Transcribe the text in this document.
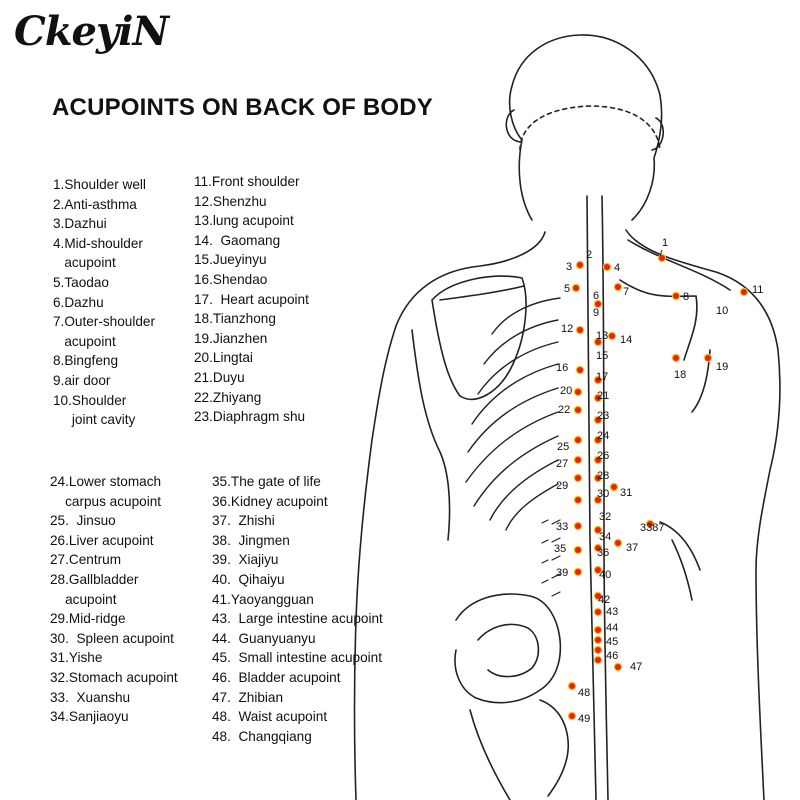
CkeyiN
ACUPOINTS ON BACK OF BODY
1.Shoulder well
2.Anti-asthma
3.Dazhui
4.Mid-shoulder
acupoint
5.Taodao
6.Dazhu
7.Outer-shoulder
acupoint
8.Bingfeng
9.air door
10.Shoulder
joint cavity
11.Front shoulder
12.Shenzhu
13.lung acupoint
14.  Gaomang
15.Jueyinyu
16.Shendao
17.  Heart acupoint
18.Tianzhong
19.Jianzhen
20.Lingtai
21.Duyu
22.Zhiyang
23.Diaphragm shu
24.Lower stomach
carpus acupoint
25.  Jinsuo
26.Liver acupoint
27.Centrum
28.Gallbladder
acupoint
29.Mid-ridge
30.  Spleen acupoint
31.Yishe
32.Stomach acupoint
33.  Xuanshu
34.Sanjiaoyu
35.The gate of life
36.Kidney acupoint
37.  Zhishi
38.  Jingmen
39.  Xiajiyu
40.  Qihaiyu
41.Yaoyangguan
43.  Large intestine acupoint
44.  Guanyuanyu
45.  Small intestine acupoint
46.  Bladder acupoint
47.  Zhibian
48.  Waist acupoint
48.  Changqiang
1
2
3	4
5
6 7	8
9	10
11
12
13 14
15
16
17	18
19
20 21
22 23
24
25
26
27
28
29
30 31
32
33
34
35	36 37
3387
39	40
42
43
44
45
46
47
48
49
